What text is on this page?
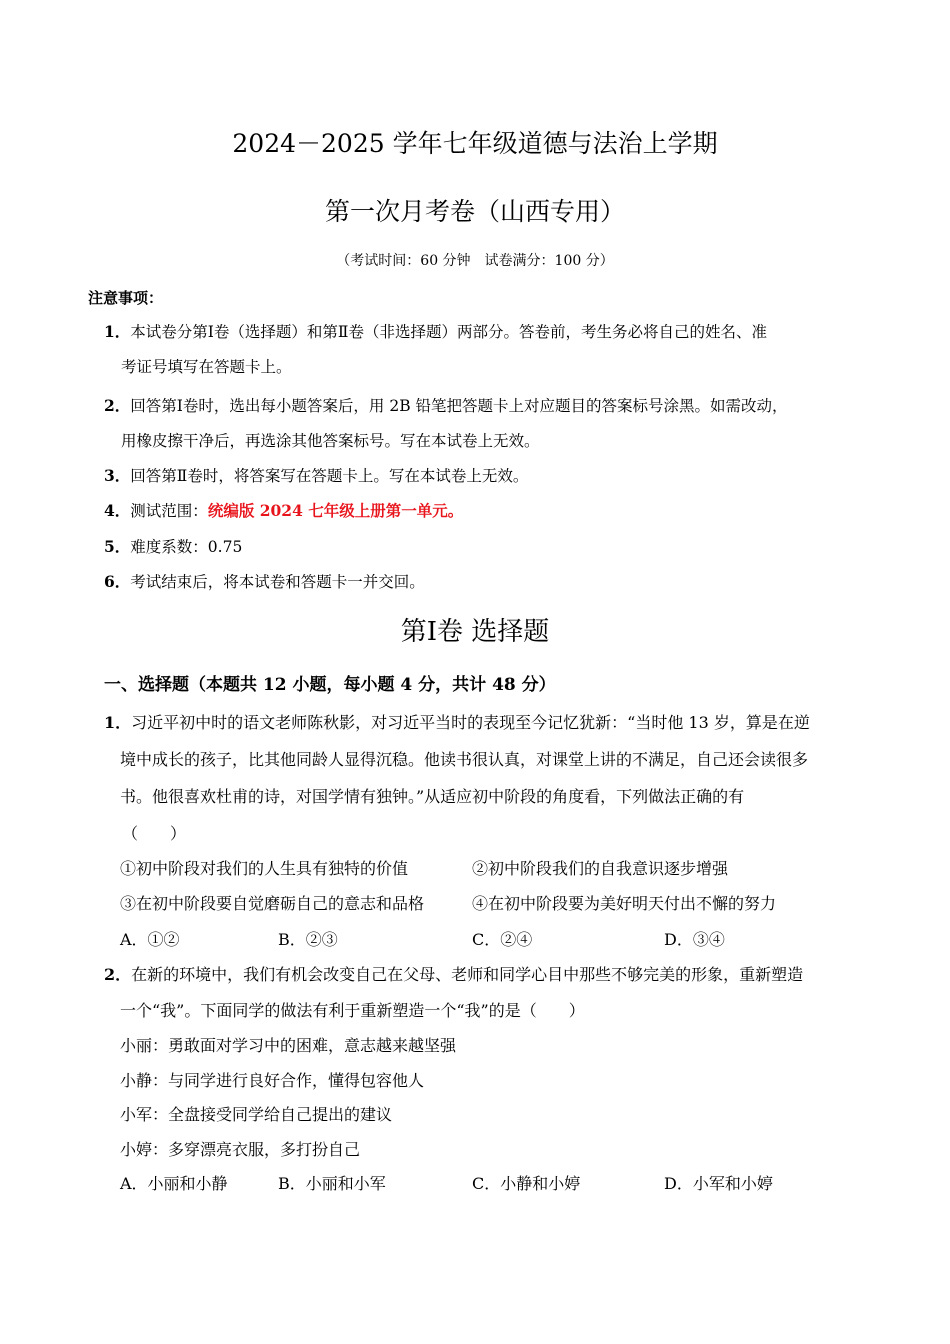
2024－2025 学年七年级道德与法治上学期
第一次月考卷（山西专用）
（考试时间：60 分钟　试卷满分：100 分）
注意事项：
1．本试卷分第Ⅰ卷（选择题）和第Ⅱ卷（非选择题）两部分。答卷前，考生务必将自己的姓名、准
考证号填写在答题卡上。
2．回答第Ⅰ卷时，选出每小题答案后，用 2B 铅笔把答题卡上对应题目的答案标号涂黑。如需改动，
用橡皮擦干净后，再选涂其他答案标号。写在本试卷上无效。
3．回答第Ⅱ卷时，将答案写在答题卡上。写在本试卷上无效。
4．测试范围：统编版 2024 七年级上册第一单元。
5．难度系数：0.75
6．考试结束后，将本试卷和答题卡一并交回。
第Ⅰ卷 选择题
一、选择题（本题共 12 小题，每小题 4 分，共计 48 分）
1．习近平初中时的语文老师陈秋影，对习近平当时的表现至今记忆犹新：“当时他 13 岁，算是在逆
境中成长的孩子，比其他同龄人显得沉稳。他读书很认真，对课堂上讲的不满足，自己还会读很多
书。他很喜欢杜甫的诗，对国学情有独钟。”从适应初中阶段的角度看，下列做法正确的有
（　　）
①初中阶段对我们的人生具有独特的价值	②初中阶段我们的自我意识逐步增强
③在初中阶段要自觉磨砺自己的意志和品格	④在初中阶段要为美好明天付出不懈的努力
A．①②	B．②③	C．②④	D．③④
2．在新的环境中，我们有机会改变自己在父母、老师和同学心目中那些不够完美的形象，重新塑造
一个“我”。下面同学的做法有利于重新塑造一个“我”的是（　　）
小丽：勇敢面对学习中的困难，意志越来越坚强
小静：与同学进行良好合作，懂得包容他人
小军：全盘接受同学给自己提出的建议
小婷：多穿漂亮衣服，多打扮自己
A．小丽和小静	B．小丽和小军	C．小静和小婷	D．小军和小婷
